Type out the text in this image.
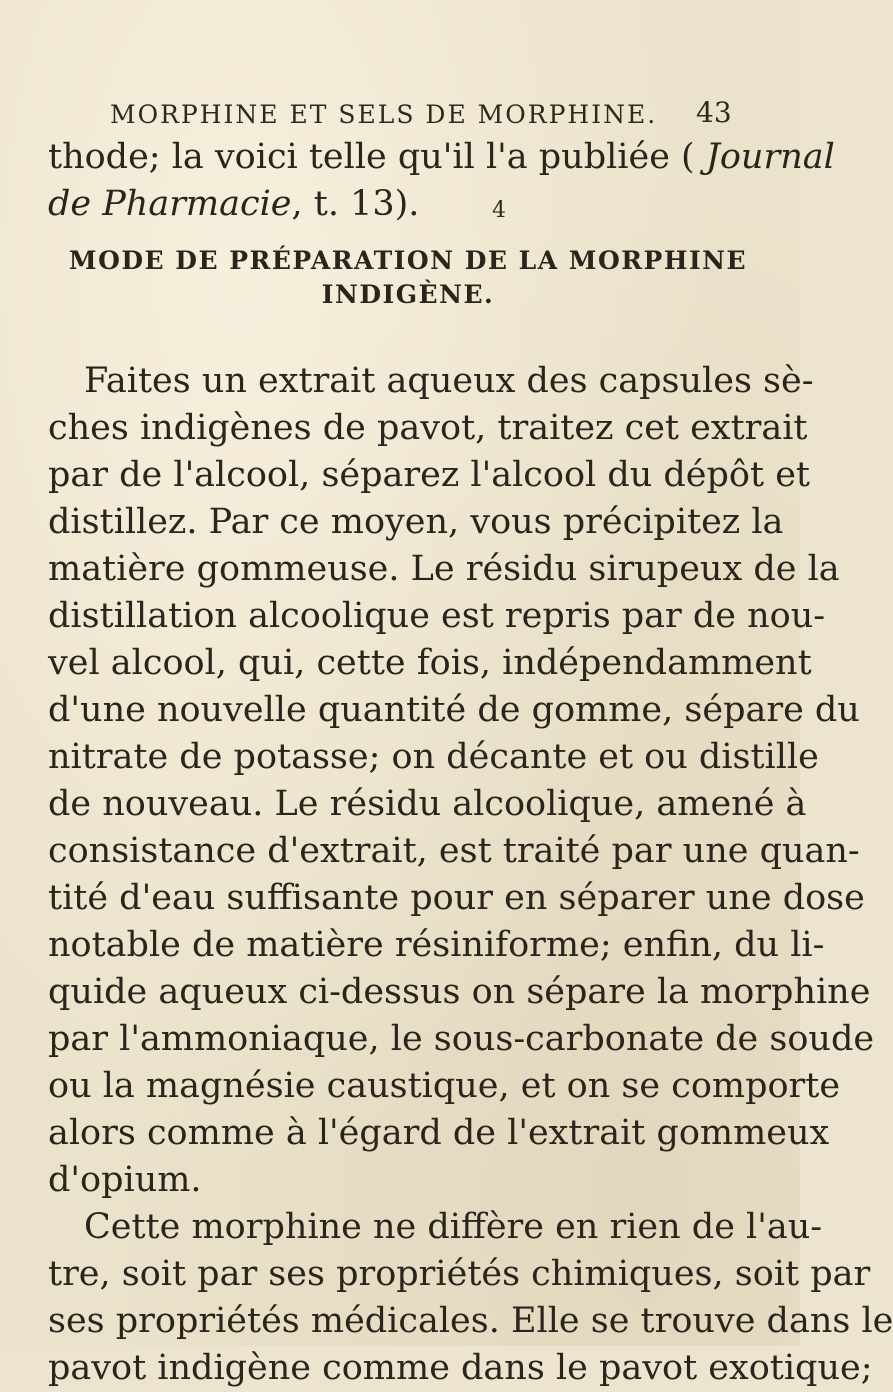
MORPHINE ET SELS DE MORPHINE. 43
thode; la voici telle qu'il l'a publiée ( Journal
de Pharmacie, t. 13).	4
MODE DE PRÉPARATION DE LA MORPHINE
INDIGÈNE.
Faites un extrait aqueux des capsules sè-
ches indigènes de pavot, traitez cet extrait
par de l'alcool, séparez l'alcool du dépôt et
distillez. Par ce moyen, vous précipitez la
matière gommeuse. Le résidu sirupeux de la
distillation alcoolique est repris par de nou-
vel alcool, qui, cette fois, indépendamment
d'une nouvelle quantité de gomme, sépare du
nitrate de potasse; on décante et ou distille
de nouveau. Le résidu alcoolique, amené à
consistance d'extrait, est traité par une quan-
tité d'eau suffisante pour en séparer une dose
notable de matière résiniforme; enfin, du li-
quide aqueux ci-dessus on sépare la morphine
par l'ammoniaque, le sous-carbonate de soude
ou la magnésie caustique, et on se comporte
alors comme à l'égard de l'extrait gommeux
d'opium.
Cette morphine ne diffère en rien de l'au-
tre, soit par ses propriétés chimiques, soit par
ses propriétés médicales. Elle se trouve dans le
pavot indigène comme dans le pavot exotique;
